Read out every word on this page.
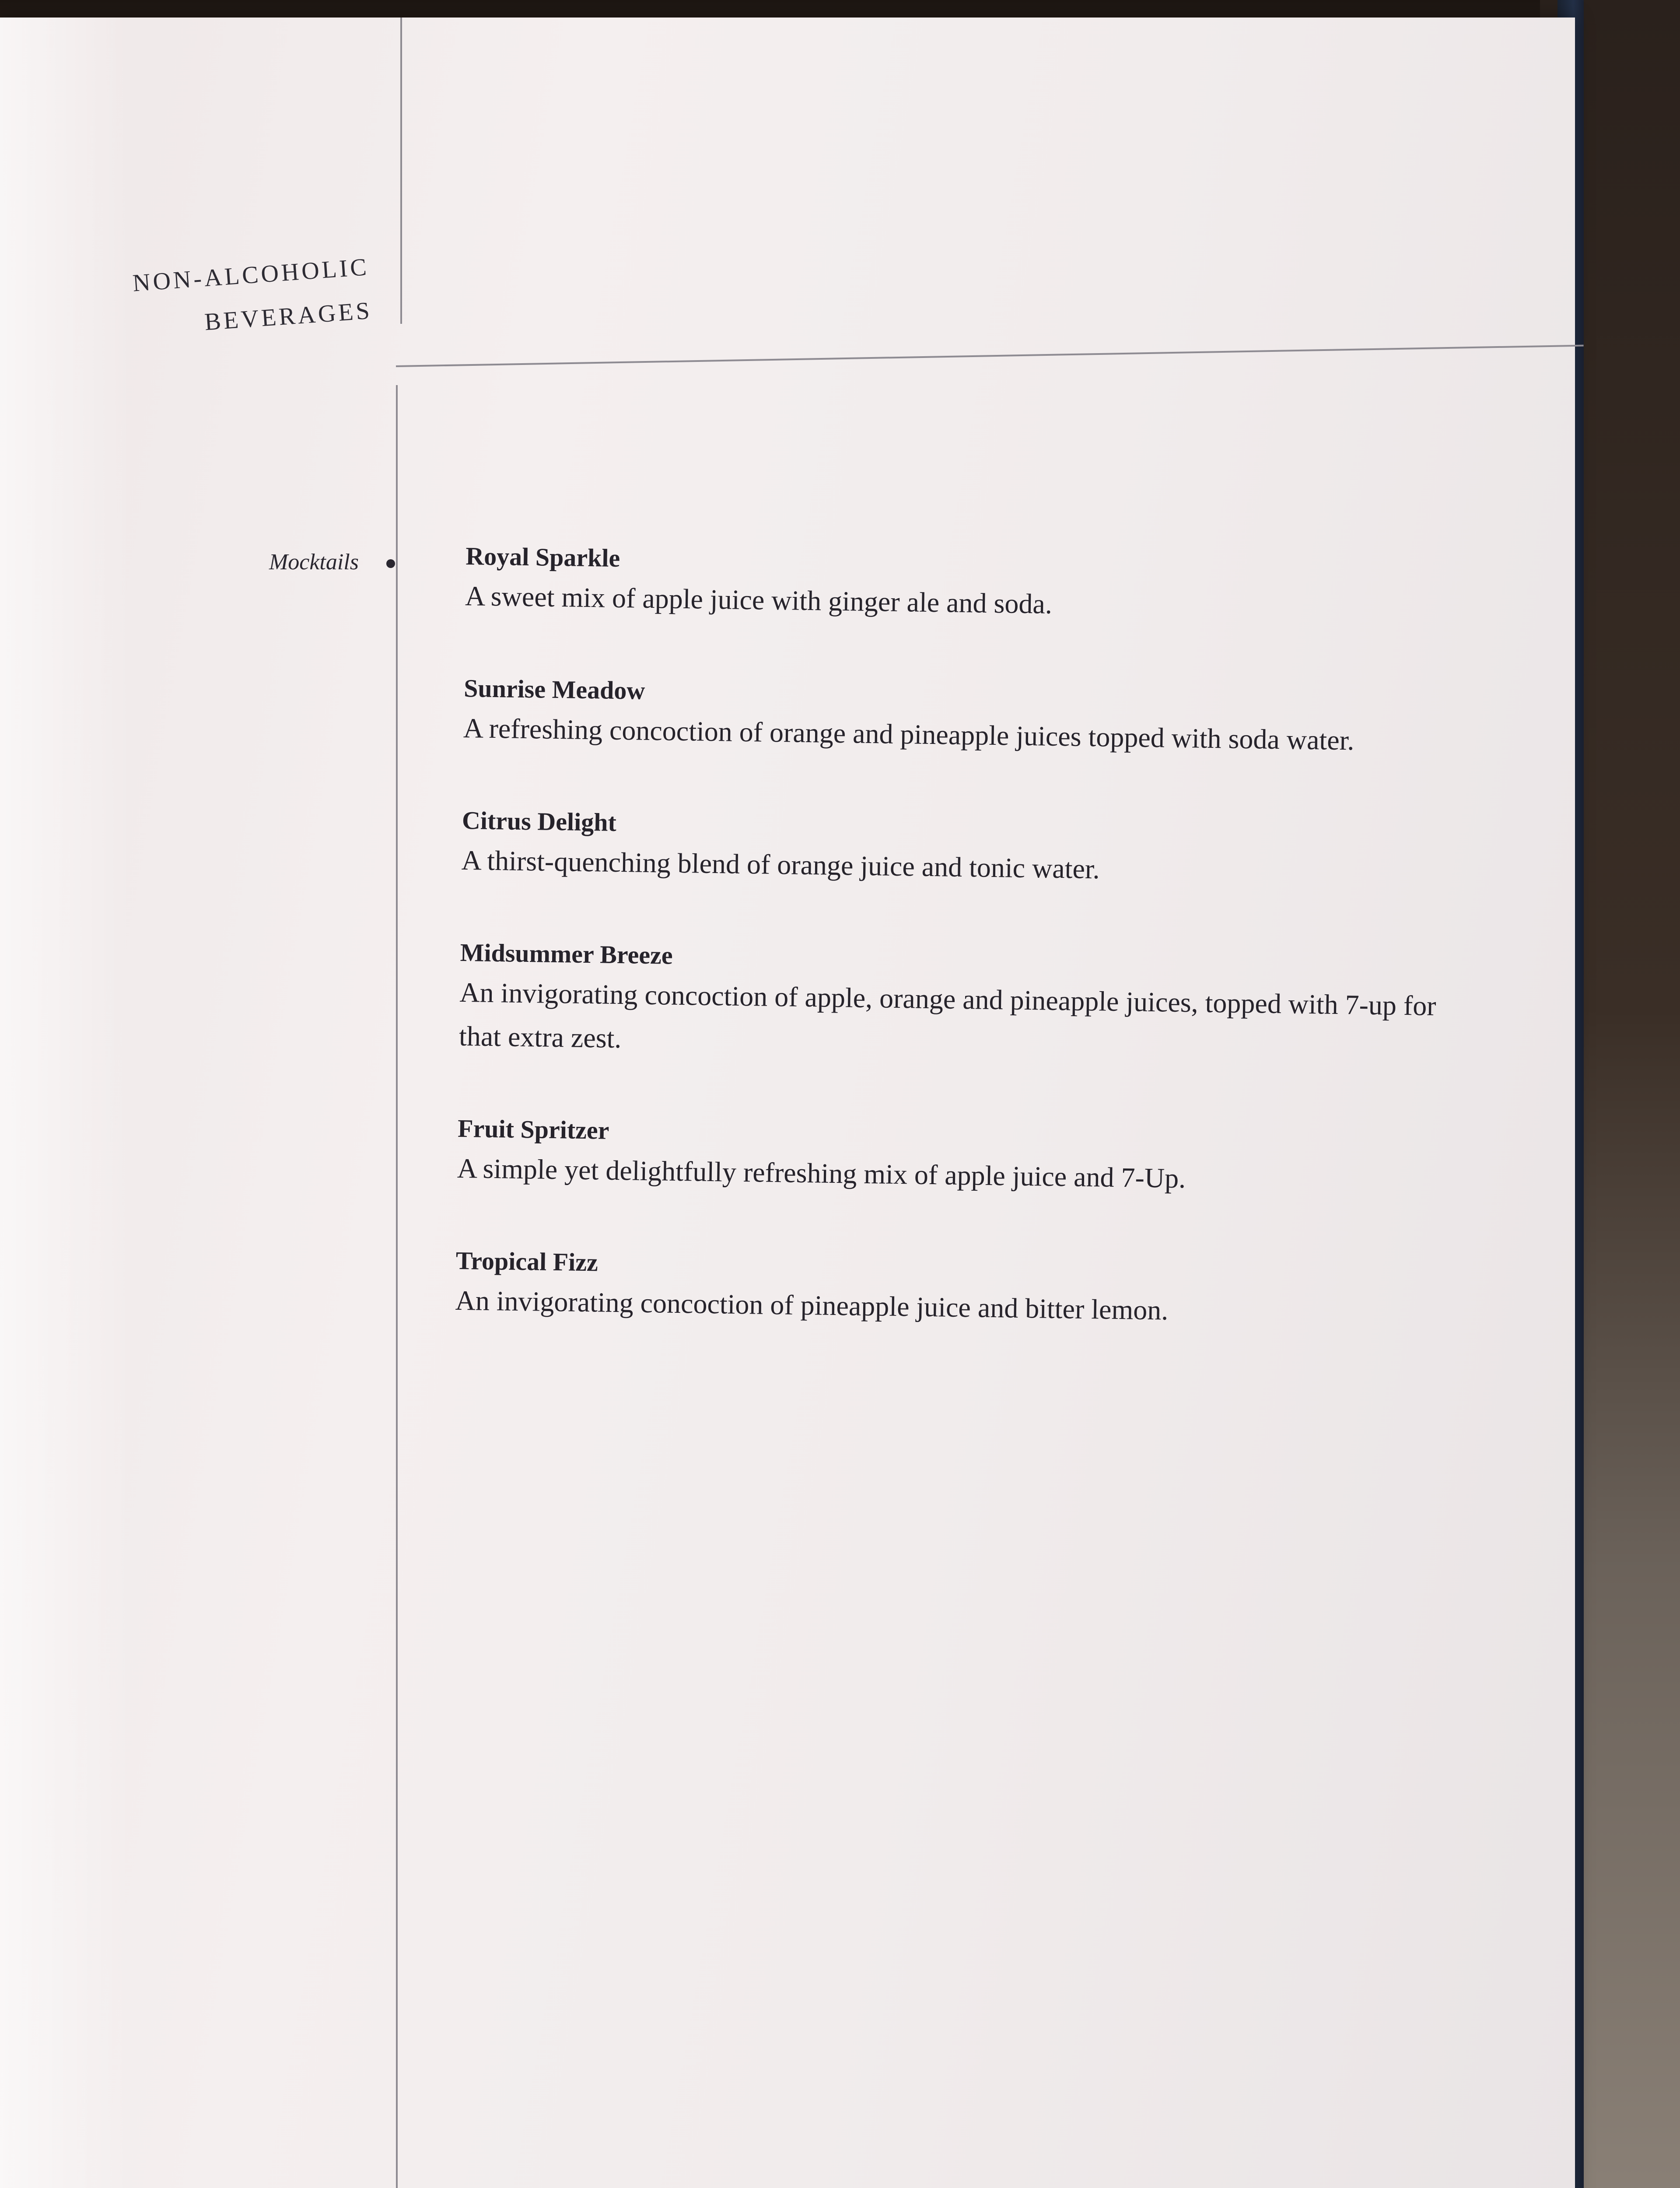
NON-ALCOHOLIC
BEVERAGES
Mocktails	Royal Sparkle
A sweet mix of apple juice with ginger ale and soda.
Sunrise Meadow
A refreshing concoction of orange and pineapple juices topped with soda water.
Citrus Delight
A thirst-quenching blend of orange juice and tonic water.
Midsummer Breeze
An invigorating concoction of apple, orange and pineapple juices, topped with 7-up for that extra zest.
Fruit Spritzer
A simple yet delightfully refreshing mix of apple juice and 7-Up.
Tropical Fizz
An invigorating concoction of pineapple juice and bitter lemon.
